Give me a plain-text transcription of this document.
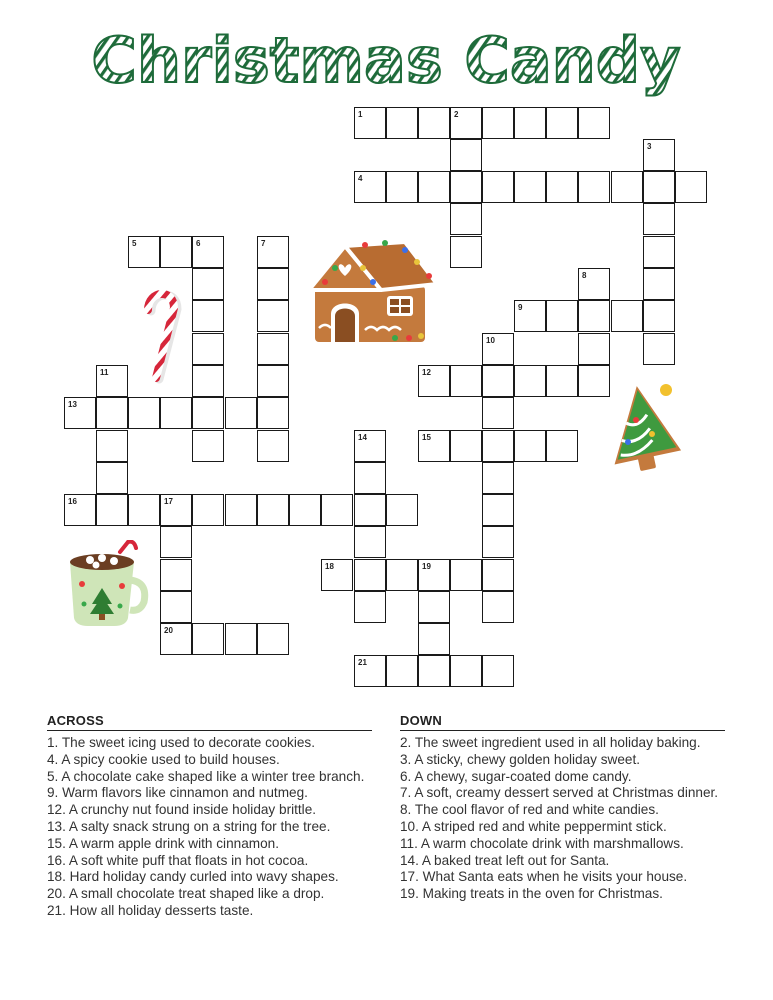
Christmas Candy
1	2
3
4
5	6	7
8
9
10
11	12
13
14	15
16	17
18	19
20
21
ACROSS
1. The sweet icing used to decorate cookies.
4. A spicy cookie used to build houses.
5. A chocolate cake shaped like a winter tree branch.
9. Warm flavors like cinnamon and nutmeg.
12. A crunchy nut found inside holiday brittle.
13. A salty snack strung on a string for the tree.
15. A warm apple drink with cinnamon.
16. A soft white puff that floats in hot cocoa.
18. Hard holiday candy curled into wavy shapes.
20. A small chocolate treat shaped like a drop.
21. How all holiday desserts taste.
DOWN
2. The sweet ingredient used in all holiday baking.
3. A sticky, chewy golden holiday sweet.
6. A chewy, sugar-coated dome candy.
7. A soft, creamy dessert served at Christmas dinner.
8. The cool flavor of red and white candies.
10. A striped red and white peppermint stick.
11. A warm chocolate drink with marshmallows.
14. A baked treat left out for Santa.
17. What Santa eats when he visits your house.
19. Making treats in the oven for Christmas.
